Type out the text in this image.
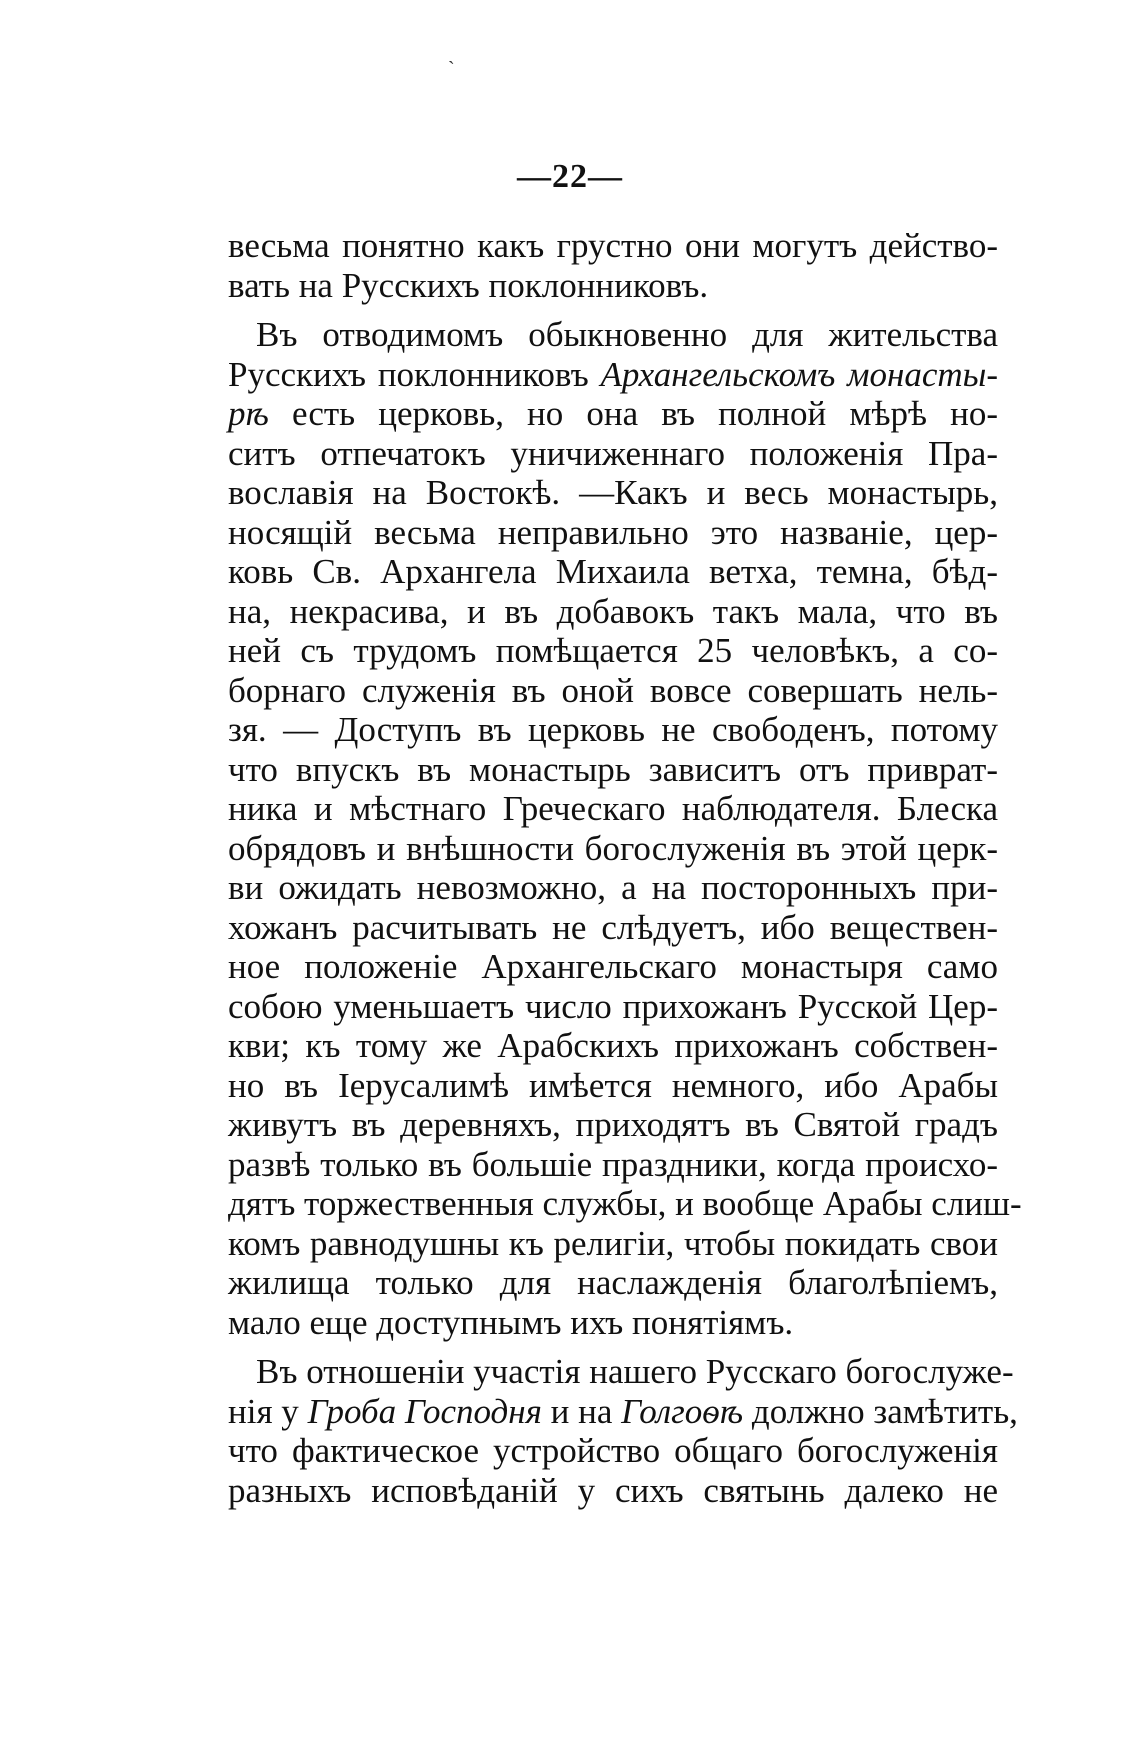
—22—
`
весьма понятно какъ грустно они могутъ действо-
вать на Русскихъ поклонниковъ.
Въ отводимомъ обыкновенно для жительства
Русскихъ поклонниковъ Архангельскомъ монасты-
рѣ есть церковь, но она въ полной мѣрѣ но-
ситъ отпечатокъ уничиженнаго положенія Пра-
вославія на Востокѣ. —Какъ и весь монастырь,
носящій весьма неправильно это названіе, цер-
ковь Св. Архангела Михаила ветха, темна, бѣд-
на, некрасива, и въ добавокъ такъ мала, что въ
ней съ трудомъ помѣщается 25 человѣкъ, а со-
борнаго служенія въ оной вовсе совершать нель-
зя. — Доступъ въ церковь не свободенъ, потому
что впускъ въ монастырь зависитъ отъ приврат-
ника и мѣстнаго Греческаго наблюдателя. Блеска
обрядовъ и внѣшности богослуженія въ этой церк-
ви ожидать невозможно, а на посторонныхъ при-
хожанъ расчитывать не слѣдуетъ, ибо веществен-
ное положеніе Архангельскаго монастыря само
собою уменьшаетъ число прихожанъ Русской Цер-
кви; къ тому же Арабскихъ прихожанъ собствен-
но въ Іерусалимѣ имѣется немного, ибо Арабы
живутъ въ деревняхъ, приходятъ въ Святой градъ
развѣ только въ большіе праздники, когда происхо-
дятъ торжественныя службы, и вообще Арабы слиш-
комъ равнодушны къ религіи, чтобы покидать свои
жилища только для наслажденія благолѣпіемъ,
мало еще доступнымъ ихъ понятіямъ.
Въ отношеніи участія нашего Русскаго богослуже-
нія у Гроба Господня и на Голгоѳѣ должно замѣтить,
что фактическое устройство общаго богослуженія
разныхъ исповѣданій у сихъ святынь далеко не
